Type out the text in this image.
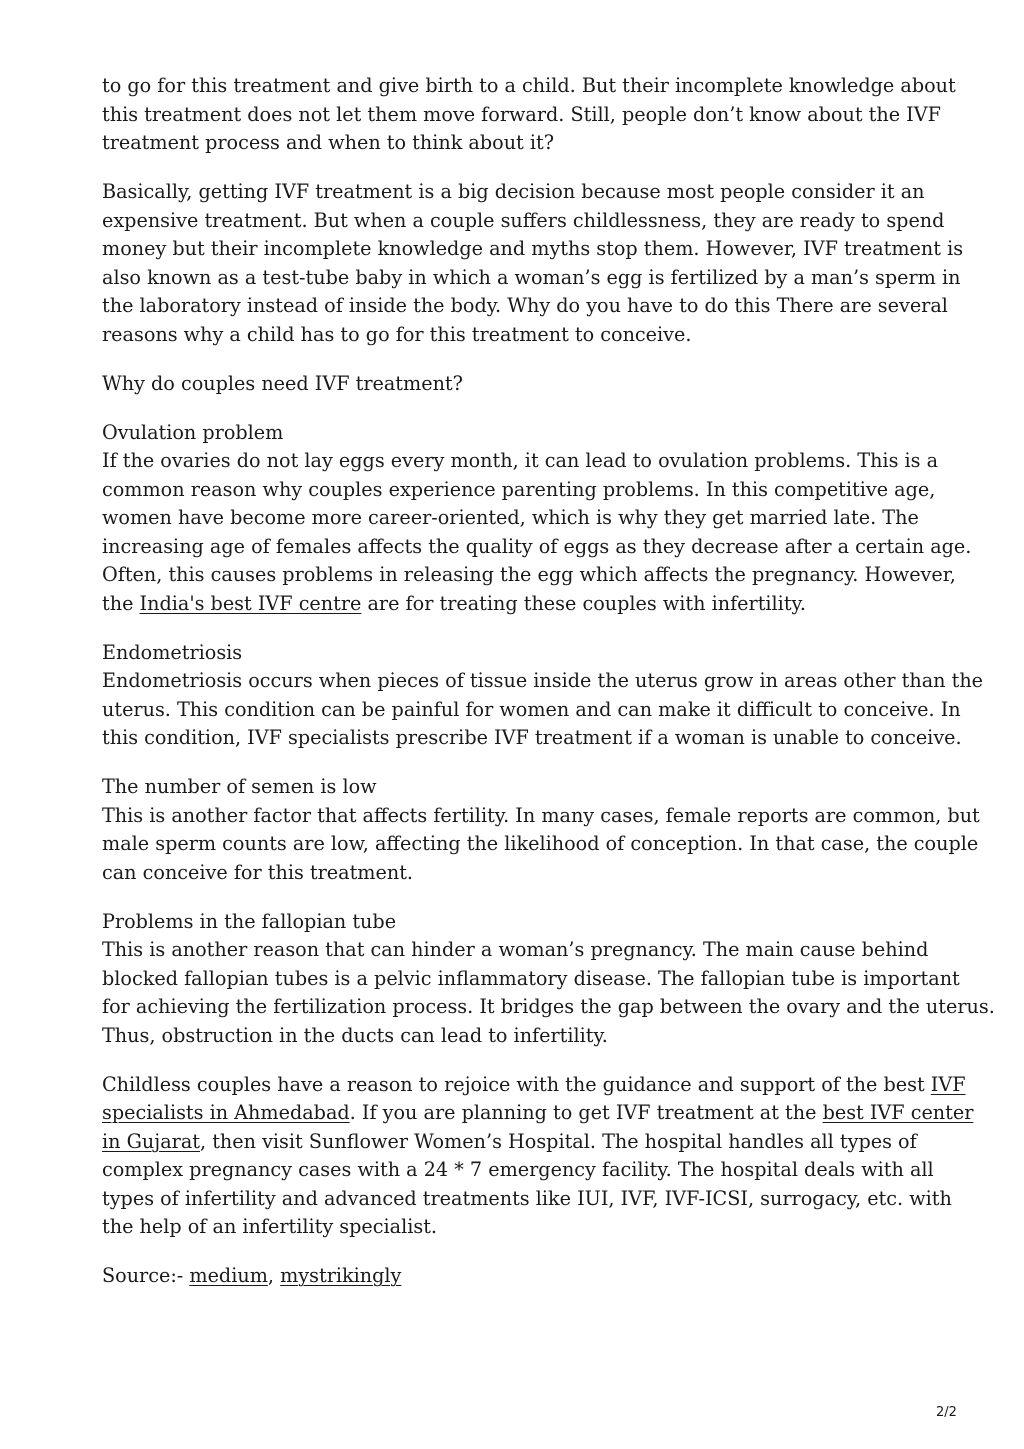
to go for this treatment and give birth to a child. But their incomplete knowledge about
this treatment does not let them move forward. Still, people don’t know about the IVF
treatment process and when to think about it?

Basically, getting IVF treatment is a big decision because most people consider it an
expensive treatment. But when a couple suffers childlessness, they are ready to spend
money but their incomplete knowledge and myths stop them. However, IVF treatment is
also known as a test-tube baby in which a woman’s egg is fertilized by a man’s sperm in
the laboratory instead of inside the body. Why do you have to do this There are several
reasons why a child has to go for this treatment to conceive.

Why do couples need IVF treatment?

Ovulation problem
If the ovaries do not lay eggs every month, it can lead to ovulation problems. This is a
common reason why couples experience parenting problems. In this competitive age,
women have become more career-oriented, which is why they get married late. The
increasing age of females affects the quality of eggs as they decrease after a certain age.
Often, this causes problems in releasing the egg which affects the pregnancy. However,
the India's best IVF centre are for treating these couples with infertility.

Endometriosis
Endometriosis occurs when pieces of tissue inside the uterus grow in areas other than the
uterus. This condition can be painful for women and can make it difficult to conceive. In
this condition, IVF specialists prescribe IVF treatment if a woman is unable to conceive.

The number of semen is low
This is another factor that affects fertility. In many cases, female reports are common, but
male sperm counts are low, affecting the likelihood of conception. In that case, the couple
can conceive for this treatment.

Problems in the fallopian tube
This is another reason that can hinder a woman’s pregnancy. The main cause behind
blocked fallopian tubes is a pelvic inflammatory disease. The fallopian tube is important
for achieving the fertilization process. It bridges the gap between the ovary and the uterus.
Thus, obstruction in the ducts can lead to infertility.

Childless couples have a reason to rejoice with the guidance and support of the best IVF
specialists in Ahmedabad. If you are planning to get IVF treatment at the best IVF center
in Gujarat, then visit Sunflower Women’s Hospital. The hospital handles all types of
complex pregnancy cases with a 24 * 7 emergency facility. The hospital deals with all
types of infertility and advanced treatments like IUI, IVF, IVF-ICSI, surrogacy, etc. with
the help of an infertility specialist.

Source:- medium, mystrikingly

2/2
